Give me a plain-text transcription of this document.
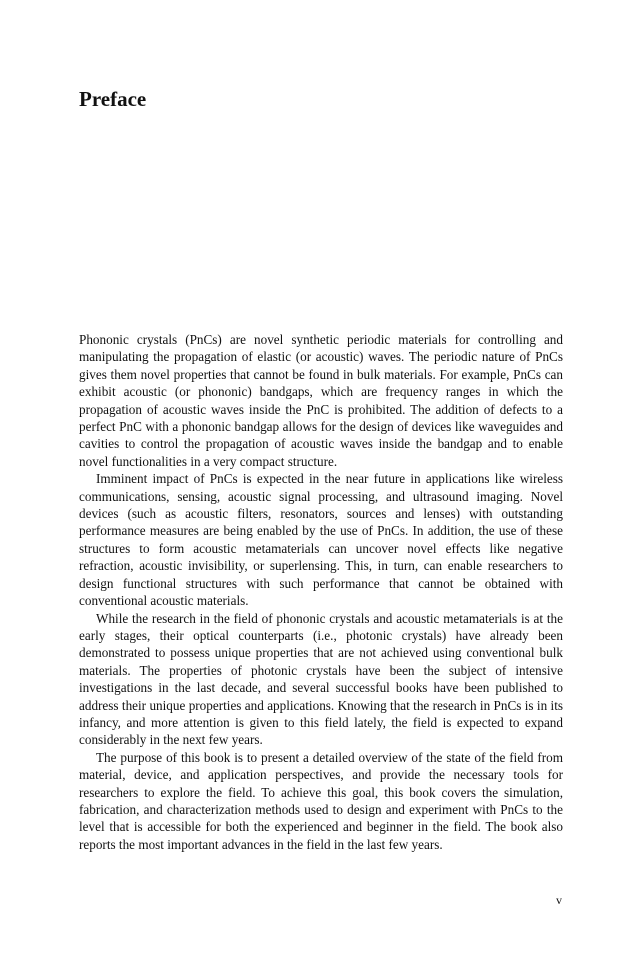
Preface

Phononic crystals (PnCs) are novel synthetic periodic materials for controlling and manipulating the propagation of elastic (or acoustic) waves. The periodic nature of PnCs gives them novel properties that cannot be found in bulk materials. For example, PnCs can exhibit acoustic (or phononic) bandgaps, which are frequency ranges in which the propagation of acoustic waves inside the PnC is prohibited. The addition of defects to a perfect PnC with a phononic bandgap allows for the design of devices like waveguides and cavities to control the propagation of acoustic waves inside the bandgap and to enable novel functionalities in a very compact structure.

Imminent impact of PnCs is expected in the near future in applications like wireless communications, sensing, acoustic signal processing, and ultrasound imaging. Novel devices (such as acoustic filters, resonators, sources and lenses) with outstanding performance measures are being enabled by the use of PnCs. In addition, the use of these structures to form acoustic metamaterials can uncover novel effects like negative refraction, acoustic invisibility, or superlensing. This, in turn, can enable researchers to design functional structures with such performance that cannot be obtained with conventional acoustic materials.

While the research in the field of phononic crystals and acoustic metamaterials is at the early stages, their optical counterparts (i.e., photonic crystals) have already been demonstrated to possess unique properties that are not achieved using conventional bulk materials. The properties of photonic crystals have been the subject of intensive investigations in the last decade, and several successful books have been published to address their unique properties and applications. Knowing that the research in PnCs is in its infancy, and more attention is given to this field lately, the field is expected to expand considerably in the next few years.

The purpose of this book is to present a detailed overview of the state of the field from material, device, and application perspectives, and provide the necessary tools for researchers to explore the field. To achieve this goal, this book covers the simulation, fabrication, and characterization methods used to design and experiment with PnCs to the level that is accessible for both the experienced and beginner in the field. The book also reports the most important advances in the field in the last few years.

v
